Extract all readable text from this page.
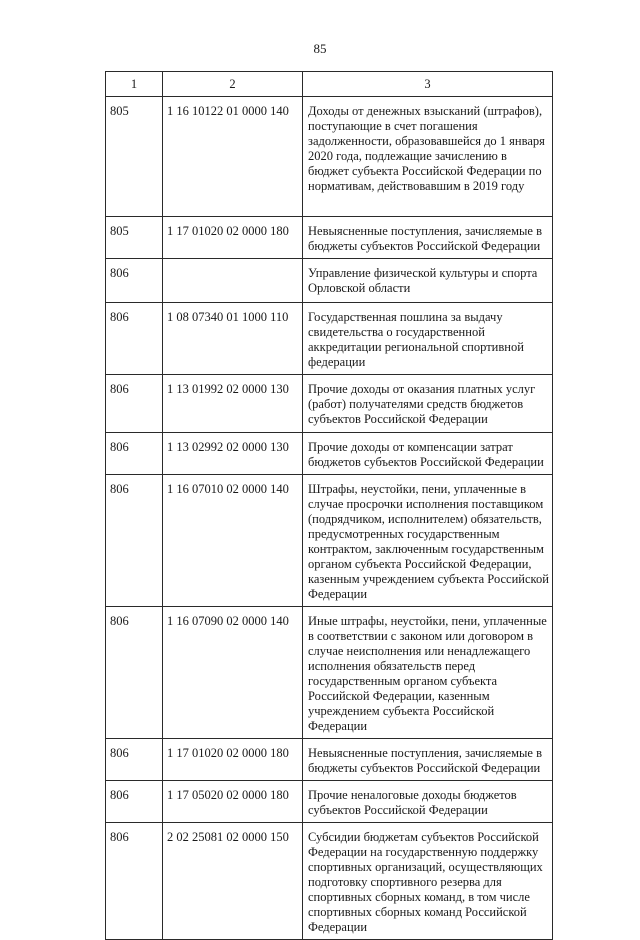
85
1	2	3
805	1 16 10122 01 0000 140	Доходы от денежных взысканий (штрафов), поступающие в счет погашения задолженности, образовавшейся до 1 января 2020 года, подлежащие зачислению в бюджет субъекта Российской Федерации по нормативам, действовавшим в 2019 году

805	1 17 01020 02 0000 180	Невыясненные поступления, зачисляемые в бюджеты субъектов Российской Федерации

806		Управление физической культуры и спорта Орловской области

806	1 08 07340 01 1000 110	Государственная пошлина за выдачу свидетельства о государственной аккредитации региональной спортивной федерации

806	1 13 01992 02 0000 130	Прочие доходы от оказания платных услуг (работ) получателями средств бюджетов субъектов Российской Федерации

806	1 13 02992 02 0000 130	Прочие доходы от компенсации затрат бюджетов субъектов Российской Федерации

806	1 16 07010 02 0000 140	Штрафы, неустойки, пени, уплаченные в случае просрочки исполнения поставщиком (подрядчиком, исполнителем) обязательств, предусмотренных государственным контрактом, заключенным государственным органом субъекта Российской Федерации, казенным учреждением субъекта Российской Федерации

806	1 16 07090 02 0000 140	Иные штрафы, неустойки, пени, уплаченные в соответствии с законом или договором в случае неисполнения или ненадлежащего исполнения обязательств перед государственным органом субъекта Российской Федерации, казенным учреждением субъекта Российской Федерации

806	1 17 01020 02 0000 180	Невыясненные поступления, зачисляемые в бюджеты субъектов Российской Федерации

806	1 17 05020 02 0000 180	Прочие неналоговые доходы бюджетов субъектов Российской Федерации

806	2 02 25081 02 0000 150	Субсидии бюджетам субъектов Российской Федерации на государственную поддержку спортивных организаций, осуществляющих подготовку спортивного резерва для спортивных сборных команд, в том числе спортивных сборных команд Российской Федерации
